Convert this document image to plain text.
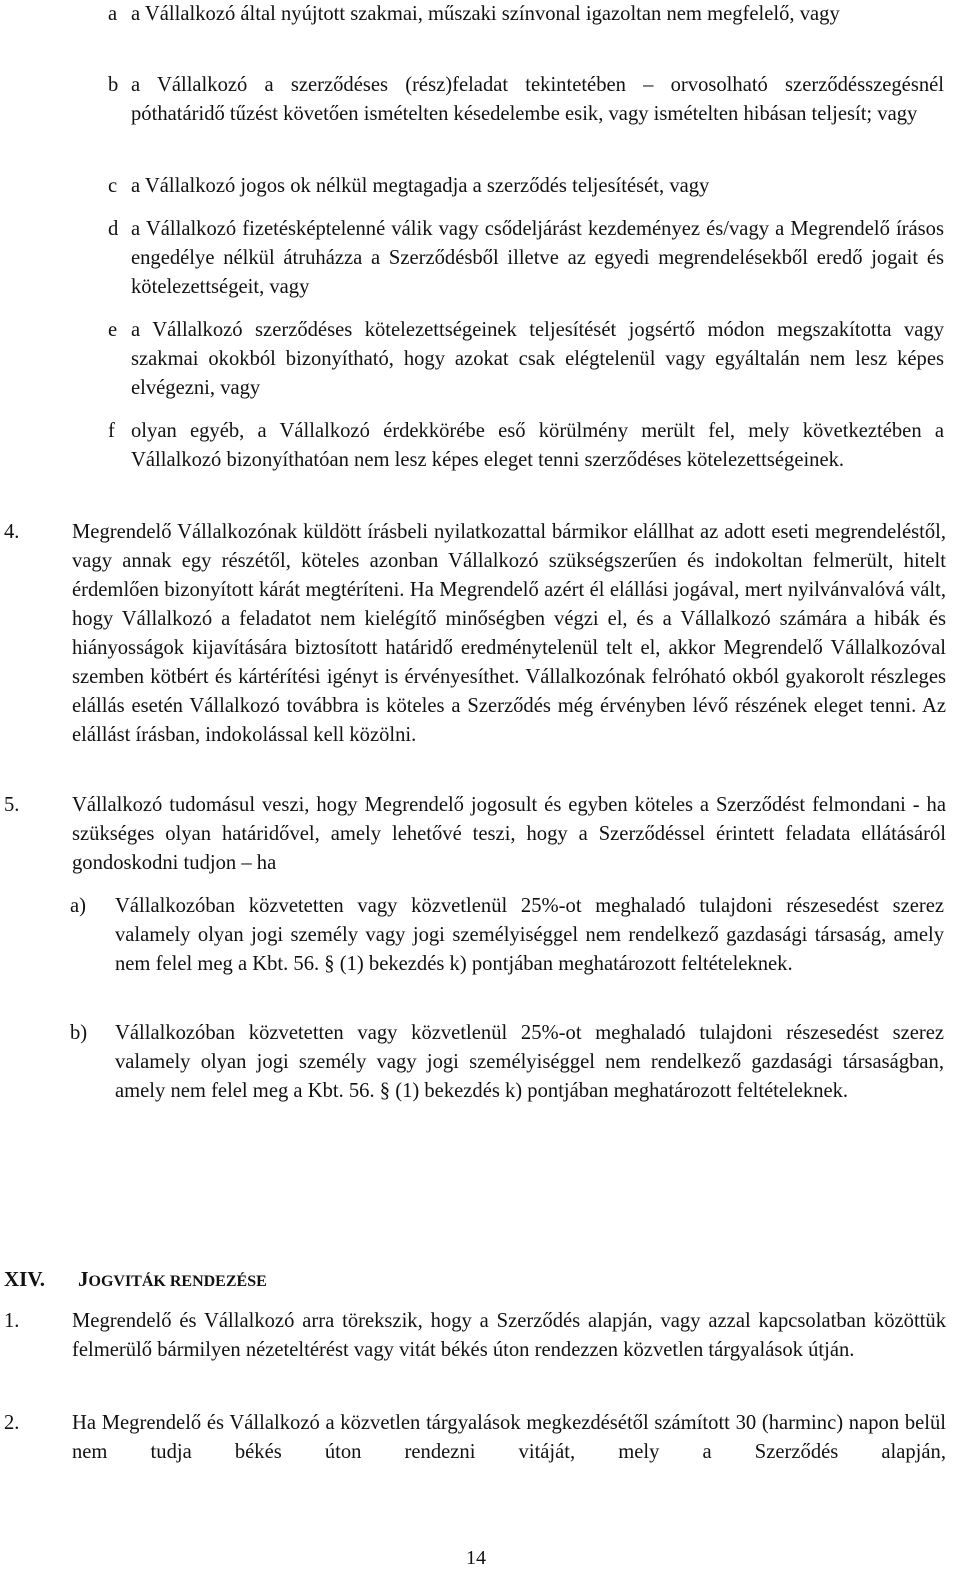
a a Vállalkozó által nyújtott szakmai, műszaki színvonal igazoltan nem megfelelő, vagy

b a Vállalkozó a szerződéses (rész)feladat tekintetében – orvosolható szerződésszegésnél póthatáridő tűzést követően ismételten késedelembe esik, vagy ismételten hibásan teljesít; vagy

c a Vállalkozó jogos ok nélkül megtagadja a szerződés teljesítését, vagy

d a Vállalkozó fizetésképtelenné válik vagy csődeljárást kezdeményez és/vagy a Megrendelő írásos engedélye nélkül átruházza a Szerződésből illetve az egyedi megrendelésekből eredő jogait és kötelezettségeit, vagy

e a Vállalkozó szerződéses kötelezettségeinek teljesítését jogsértő módon megszakította vagy szakmai okokból bizonyítható, hogy azokat csak elégtelenül vagy egyáltalán nem lesz képes elvégezni, vagy

f olyan egyéb, a Vállalkozó érdekkörébe eső körülmény merült fel, mely következtében a Vállalkozó bizonyíthatóan nem lesz képes eleget tenni szerződéses kötelezettségeinek.

4.	Megrendelő Vállalkozónak küldött írásbeli nyilatkozattal bármikor elállhat az adott eseti megrendeléstől, vagy annak egy részétől, köteles azonban Vállalkozó szükségszerűen és indokoltan felmerült, hitelt érdemlően bizonyított kárát megtéríteni. Ha Megrendelő azért él elállási jogával, mert nyilvánvalóvá vált, hogy Vállalkozó a feladatot nem kielégítő minőségben végzi el, és a Vállalkozó számára a hibák és hiányosságok kijavítására biztosított határidő eredménytelenül telt el, akkor Megrendelő Vállalkozóval szemben kötbért és kártérítési igényt is érvényesíthet. Vállalkozónak felróható okból gyakorolt részleges elállás esetén Vállalkozó továbbra is köteles a Szerződés még érvényben lévő részének eleget tenni. Az elállást írásban, indokolással kell közölni.

5.	Vállalkozó tudomásul veszi, hogy Megrendelő jogosult és egyben köteles a Szerződést felmondani - ha szükséges olyan határidővel, amely lehetővé teszi, hogy a Szerződéssel érintett feladata ellátásáról gondoskodni tudjon – ha

a)	Vállalkozóban közvetetten vagy közvetlenül 25%-ot meghaladó tulajdoni részesedést szerez valamely olyan jogi személy vagy jogi személyiséggel nem rendelkező gazdasági társaság, amely nem felel meg a Kbt. 56. § (1) bekezdés k) pontjában meghatározott feltételeknek.

b)	Vállalkozóban közvetetten vagy közvetlenül 25%-ot meghaladó tulajdoni részesedést szerez valamely olyan jogi személy vagy jogi személyiséggel nem rendelkező gazdasági társaságban, amely nem felel meg a Kbt. 56. § (1) bekezdés k) pontjában meghatározott feltételeknek.

XIV.	JOGVITÁK RENDEZÉSE
1.	Megrendelő és Vállalkozó arra törekszik, hogy a Szerződés alapján, vagy azzal kapcsolatban közöttük felmerülő bármilyen nézeteltérést vagy vitát békés úton rendezzen közvetlen tárgyalások útján.

2.	Ha Megrendelő és Vállalkozó a közvetlen tárgyalások megkezdésétől számított 30 (harminc) napon belül nem tudja békés úton rendezni vitáját, mely a Szerződés alapján,

14
